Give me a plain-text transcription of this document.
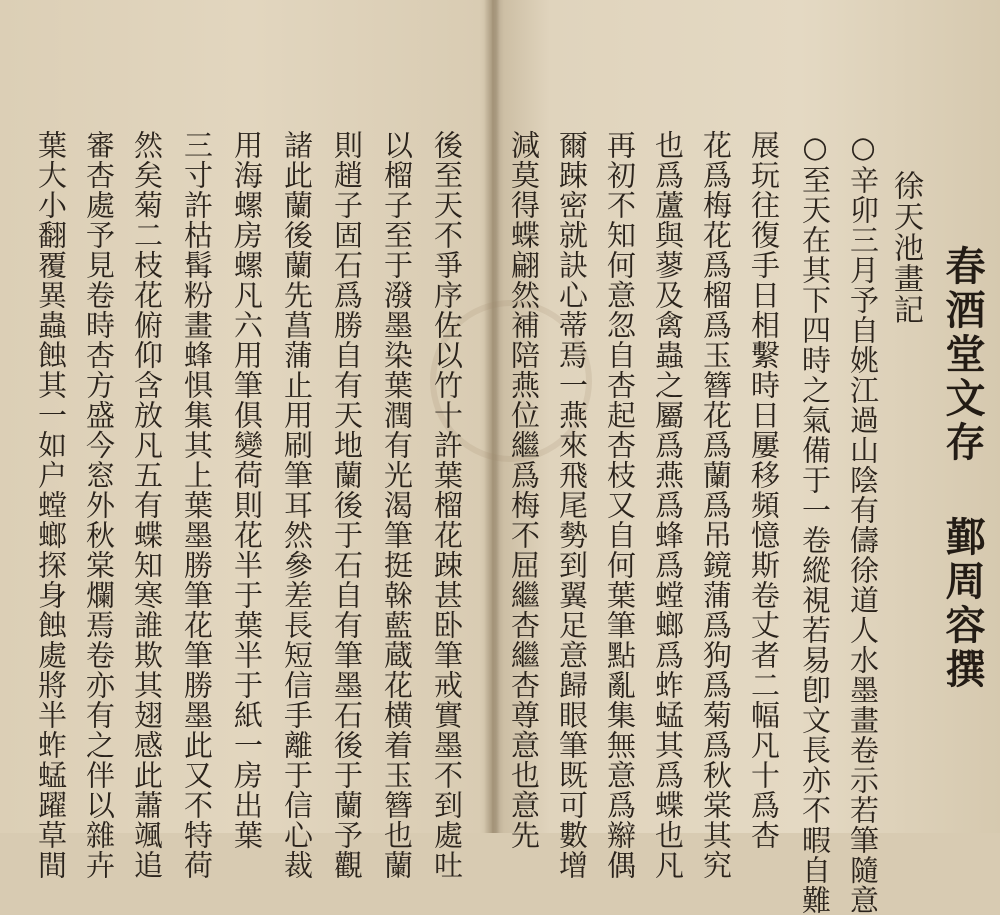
春酒堂文存 鄞周容撰
徐天池畫記
○辛卯三月予自姚江過山陰有儔徐道人水墨畫卷示若筆隨意
○至天在其下四時之氣備于一卷縱視若易卽文長亦不暇自難
展玩往復手日相繫時日屢移頻憶斯卷丈者二幅凡十爲杏
花爲梅花爲榴爲玉簪花爲蘭爲吊鏡蒲爲狗爲菊爲秋棠其究
也爲蘆與蓼及禽蟲之屬爲燕爲蜂爲螳螂爲蚱蜢其爲蝶也凡
再初不知何意忽自杏起杏枝又自何葉筆點亂集無意爲辮偶
爾踈密就訣心蒂焉一燕來飛尾勢到翼足意歸眼筆既可數增
減莫得蝶翩然補陪燕位繼爲梅不屈繼杏繼杏尊意也意先
後至天不爭序佐以竹十許葉榴花踈甚卧筆戒實墨不到處吐
以榴子至于潑墨染葉潤有光渴筆挺榦藍蔵花横着玉簪也蘭
則趙子固石爲勝自有天地蘭後于石自有筆墨石後于蘭予觀
諸此蘭後蘭先菖蒲止用刷筆耳然參差長短信手離于信心裁
用海螺房螺凡六用筆俱變荷則花半于葉半于紙一房出葉
三寸許枯髯粉畫蜂惧集其上葉墨勝筆花筆勝墨此又不特荷
然矣菊二枝花俯仰含放凡五有蝶知寒誰欺其翅感此蕭颯追
審杏處予見卷時杏方盛今窓外秋棠爛焉卷亦有之伴以雜卉
葉大小翻覆異蟲蝕其一如户螳螂探身蝕處將半蚱蜢躍草間
